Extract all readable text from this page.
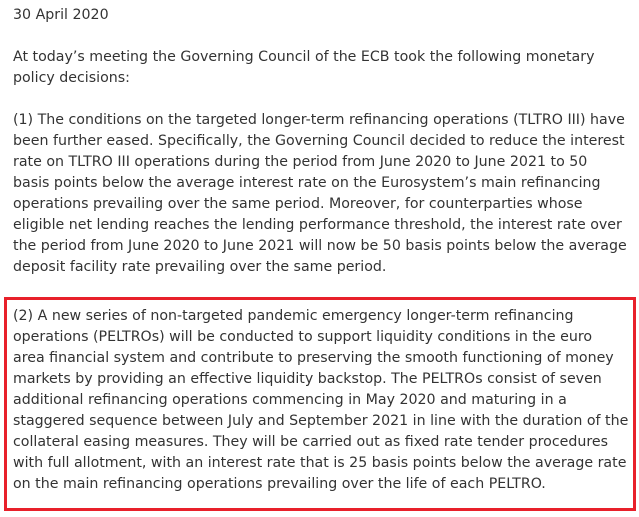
30 April 2020
At today’s meeting the Governing Council of the ECB took the following monetary
policy decisions:
(1) The conditions on the targeted longer-term refinancing operations (TLTRO III) have
been further eased. Specifically, the Governing Council decided to reduce the interest
rate on TLTRO III operations during the period from June 2020 to June 2021 to 50
basis points below the average interest rate on the Eurosystem’s main refinancing
operations prevailing over the same period. Moreover, for counterparties whose
eligible net lending reaches the lending performance threshold, the interest rate over
the period from June 2020 to June 2021 will now be 50 basis points below the average
deposit facility rate prevailing over the same period.
(2) A new series of non-targeted pandemic emergency longer-term refinancing
operations (PELTROs) will be conducted to support liquidity conditions in the euro
area financial system and contribute to preserving the smooth functioning of money
markets by providing an effective liquidity backstop. The PELTROs consist of seven
additional refinancing operations commencing in May 2020 and maturing in a
staggered sequence between July and September 2021 in line with the duration of the
collateral easing measures. They will be carried out as fixed rate tender procedures
with full allotment, with an interest rate that is 25 basis points below the average rate
on the main refinancing operations prevailing over the life of each PELTRO.
